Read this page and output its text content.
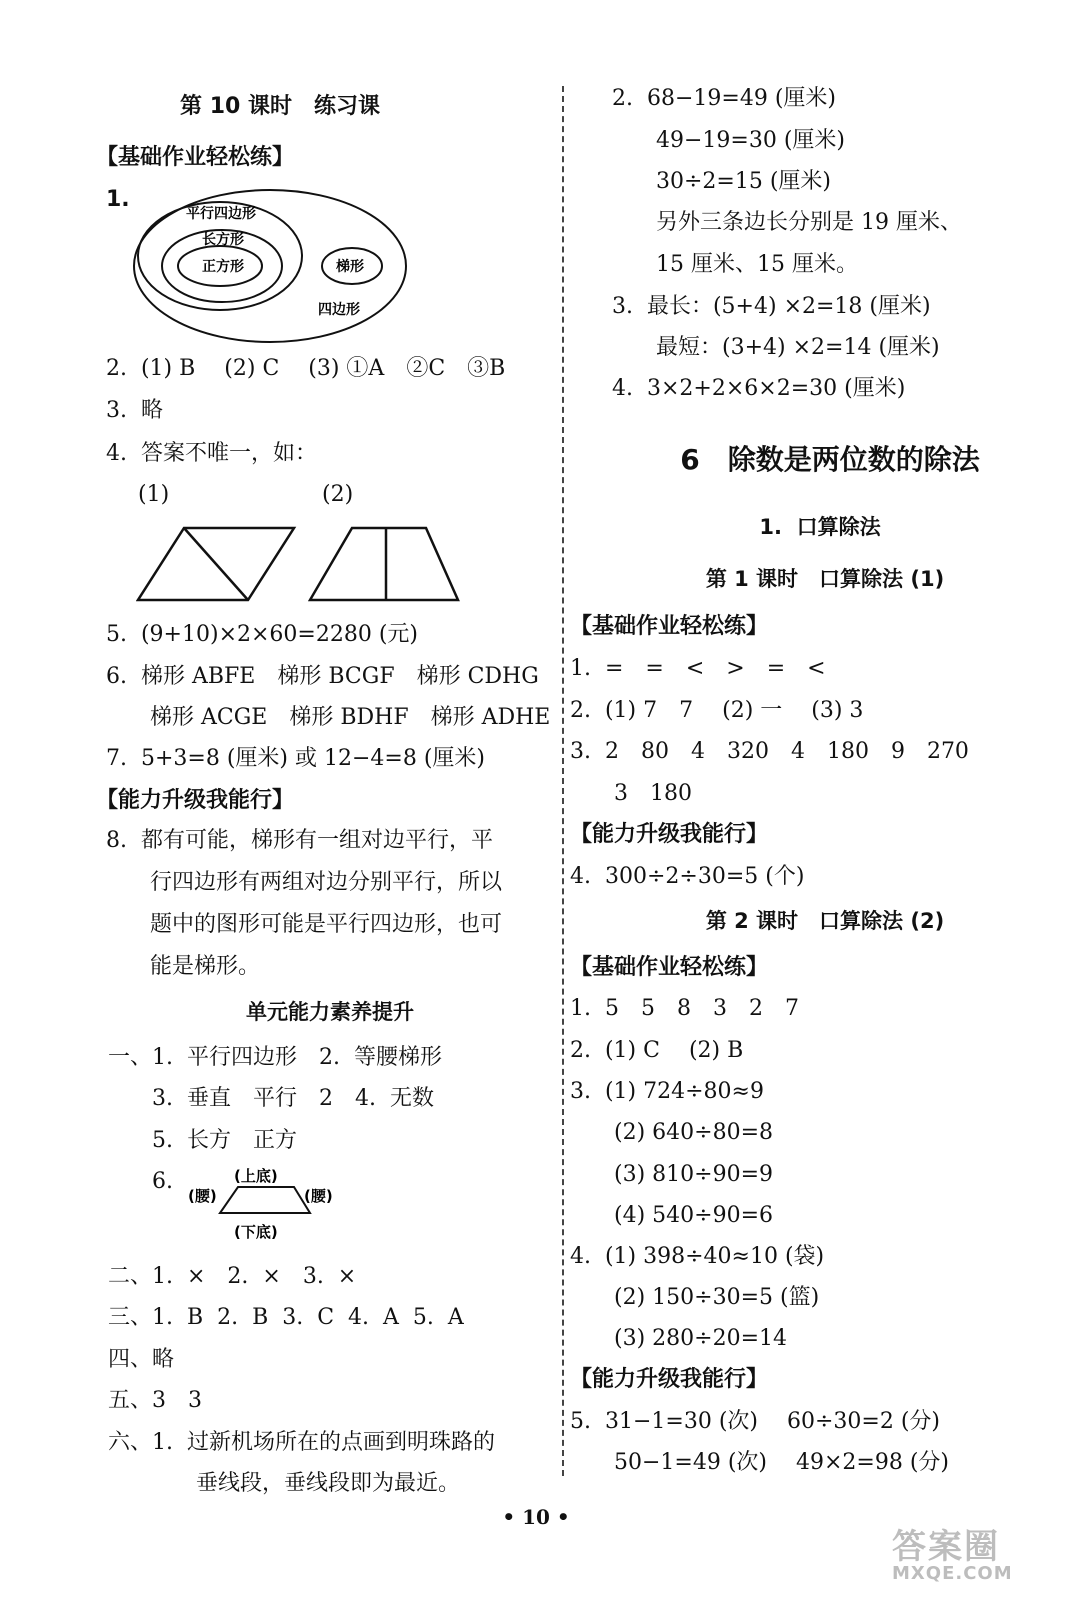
第 10 课时　练习课
【基础作业轻松练】
1.
平行四边形
长方形
正方形	梯形
四边形
2.  (1) B　 (2) C　 (3) ①A　②C　③B
3.  略
4.  答案不唯一，如：
(1)	(2)
5.  (9+10)×2×60=2280 (元)
6.  梯形 ABFE　梯形 BCGF　梯形 CDHG
　　梯形 ACGE　梯形 BDHF　梯形 ADHE
7.  5+3=8 (厘米) 或 12−4=8 (厘米)
【能力升级我能行】
8.  都有可能，梯形有一组对边平行，平
　　行四边形有两组对边分别平行，所以
　　题中的图形可能是平行四边形，也可
　　能是梯形。
单元能力素养提升
一、1.  平行四边形　2.  等腰梯形
　　3.  垂直　平行　2　4.  无数
　　5.  长方　正方
　　6.	(上底)
(腰)	(腰)
(下底)
二、1.  ×　2.  ×　3.  ×
三、1.  B  2.  B  3.  C  4.  A  5.  A
四、略
五、3　3
六、1.  过新机场所在的点画到明珠路的
　　　　垂线段，垂线段即为最近。
2.  68−19=49 (厘米)
　　49−19=30 (厘米)
　　30÷2=15 (厘米)
　　另外三条边长分别是 19 厘米、
　　15 厘米、15 厘米。
3.  最长：(5+4) ×2=18 (厘米)
　　最短：(3+4) ×2=14 (厘米)
4.  3×2+2×6×2=30 (厘米)
6　除数是两位数的除法
1.  口算除法
第 1 课时　口算除法 (1)
【基础作业轻松练】
1.  =　=　<　>　=　<
2.  (1) 7　7　 (2) 一　 (3) 3
3.  2　80　4　320　4　180　9　270
　　3　180
【能力升级我能行】
4.  300÷2÷30=5 (个)
第 2 课时　口算除法 (2)
【基础作业轻松练】
1.  5　5　8　3　2　7
2.  (1) C　 (2) B
3.  (1) 724÷80≈9
　　(2) 640÷80=8
　　(3) 810÷90=9
　　(4) 540÷90=6
4.  (1) 398÷40≈10 (袋)
　　(2) 150÷30=5 (篮)
　　(3) 280÷20=14
【能力升级我能行】
5.  31−1=30 (次)　 60÷30=2 (分)
　　50−1=49 (次)　 49×2=98 (分)
• 10 •
答案圈
MXQE.COM
